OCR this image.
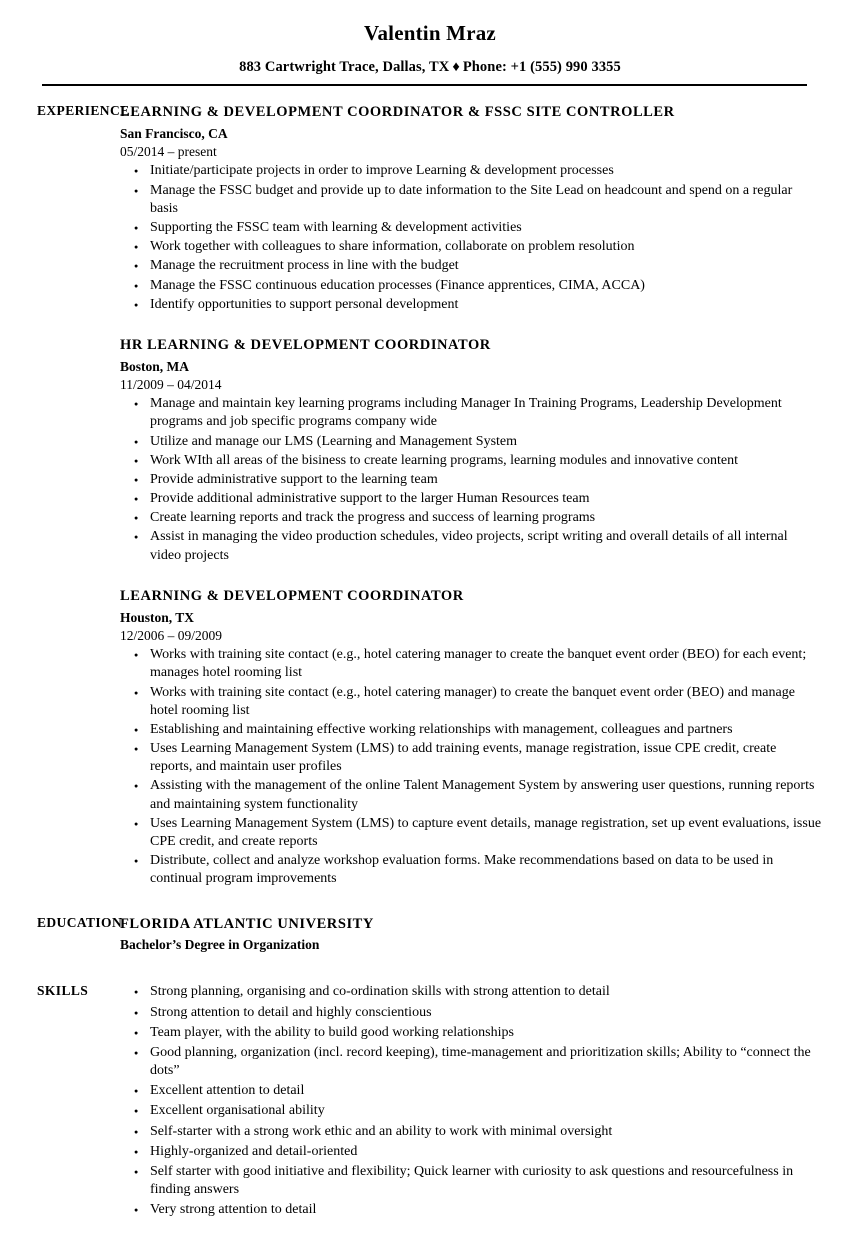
Valentin Mraz
883 Cartwright Trace, Dallas, TX ♦ Phone: +1 (555) 990 3355
EXPERIENCE
LEARNING & DEVELOPMENT COORDINATOR & FSSC SITE CONTROLLER
San Francisco, CA
05/2014 – present
● Initiate/participate projects in order to improve Learning & development processes
● Manage the FSSC budget and provide up to date information to the Site Lead on headcount and spend on a regular basis
● Supporting the FSSC team with learning & development activities
● Work together with colleagues to share information, collaborate on problem resolution
● Manage the recruitment process in line with the budget
● Manage the FSSC continuous education processes (Finance apprentices, CIMA, ACCA)
● Identify opportunities to support personal development
HR LEARNING & DEVELOPMENT COORDINATOR
Boston, MA
11/2009 – 04/2014
● Manage and maintain key learning programs including Manager In Training Programs, Leadership Development programs and job specific programs company wide
● Utilize and manage our LMS (Learning and Management System
● Work WIth all areas of the bisiness to create learning programs, learning modules and innovative content
● Provide administrative support to the learning team
● Provide additional administrative support to the larger Human Resources team
● Create learning reports and track the progress and success of learning programs
● Assist in managing the video production schedules, video projects, script writing and overall details of all internal video projects
LEARNING & DEVELOPMENT COORDINATOR
Houston, TX
12/2006 – 09/2009
● Works with training site contact (e.g., hotel catering manager to create the banquet event order (BEO) for each event; manages hotel rooming list
● Works with training site contact (e.g., hotel catering manager) to create the banquet event order (BEO) and manage hotel rooming list
● Establishing and maintaining effective working relationships with management, colleagues and partners
● Uses Learning Management System (LMS) to add training events, manage registration, issue CPE credit, create reports, and maintain user profiles
● Assisting with the management of the online Talent Management System by answering user questions, running reports and maintaining system functionality
● Uses Learning Management System (LMS) to capture event details, manage registration, set up event evaluations, issue CPE credit, and create reports
● Distribute, collect and analyze workshop evaluation forms. Make recommendations based on data to be used in continual program improvements
EDUCATION
FLORIDA ATLANTIC UNIVERSITY
Bachelor’s Degree in Organization
SKILLS	● Strong planning, organising and co-ordination skills with strong attention to detail
● Strong attention to detail and highly conscientious
● Team player, with the ability to build good working relationships
● Good planning, organization (incl. record keeping), time-management and prioritization skills; Ability to “connect the dots”
● Excellent attention to detail
● Excellent organisational ability
● Self-starter with a strong work ethic and an ability to work with minimal oversight
● Highly-organized and detail-oriented
● Self starter with good initiative and flexibility; Quick learner with curiosity to ask questions and resourcefulness in finding answers
● Very strong attention to detail
